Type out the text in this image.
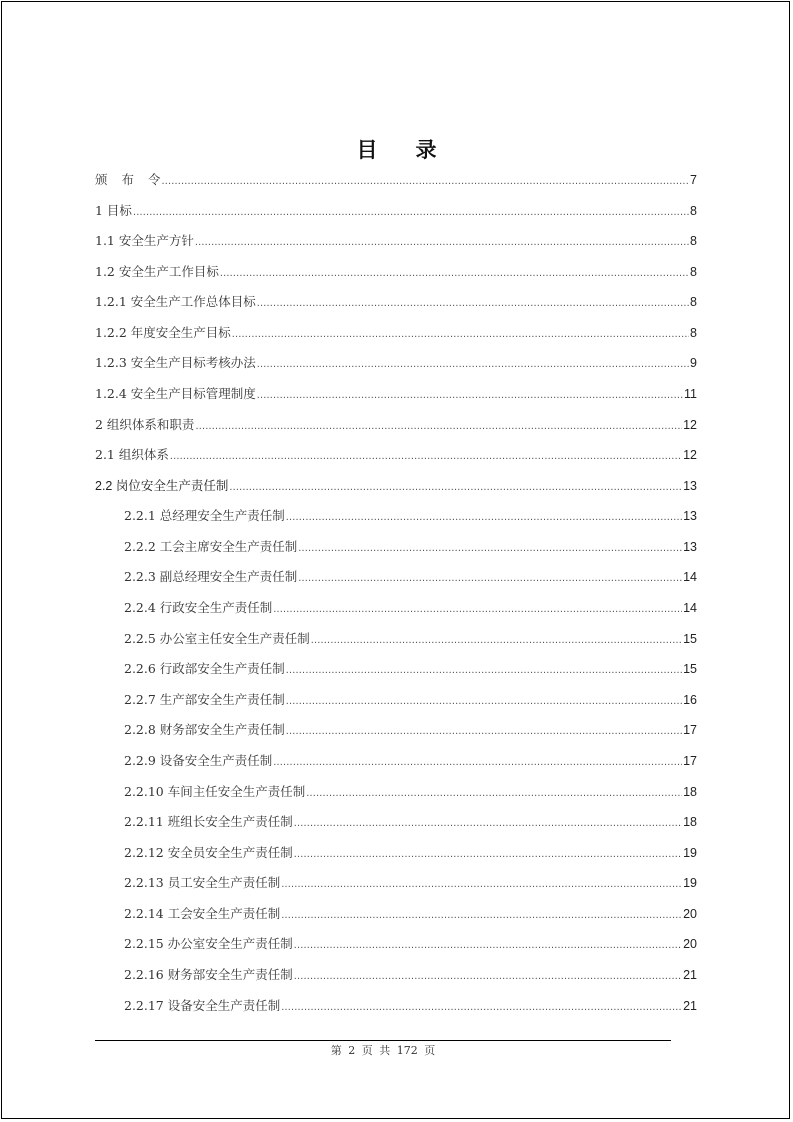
目 录
颁 布 令 .....	7
1 目标 .....	8
1.1 安全生产方针 .....	8
1.2 安全生产工作目标 .....	8
1.2.1 安全生产工作总体目标 .....	8
1.2.2 年度安全生产目标 .....	8
1.2.3 安全生产目标考核办法 .....	9
1.2.4 安全生产目标管理制度 .....	11
2 组织体系和职责 .....	12
2.1 组织体系 .....	12
2.2 岗位安全生产责任制 .....	13
2.2.1 总经理安全生产责任制 .....	13
2.2.2 工会主席安全生产责任制 .....	13
2.2.3 副总经理安全生产责任制 .....	14
2.2.4 行政安全生产责任制 .....	14
2.2.5 办公室主任安全生产责任制 .....	15
2.2.6 行政部安全生产责任制 .....	15
2.2.7 生产部安全生产责任制 .....	16
2.2.8 财务部安全生产责任制 .....	17
2.2.9 设备安全生产责任制 .....	17
2.2.10 车间主任安全生产责任制 .....	18
2.2.11 班组长安全生产责任制 .....	18
2.2.12 安全员安全生产责任制 .....	19
2.2.13 员工安全生产责任制 .....	19
2.2.14 工会安全生产责任制 .....	20
2.2.15 办公室安全生产责任制 .....	20
2.2.16 财务部安全生产责任制 .....	21
2.2.17 设备安全生产责任制 .....	21
第 2 页 共 172 页
